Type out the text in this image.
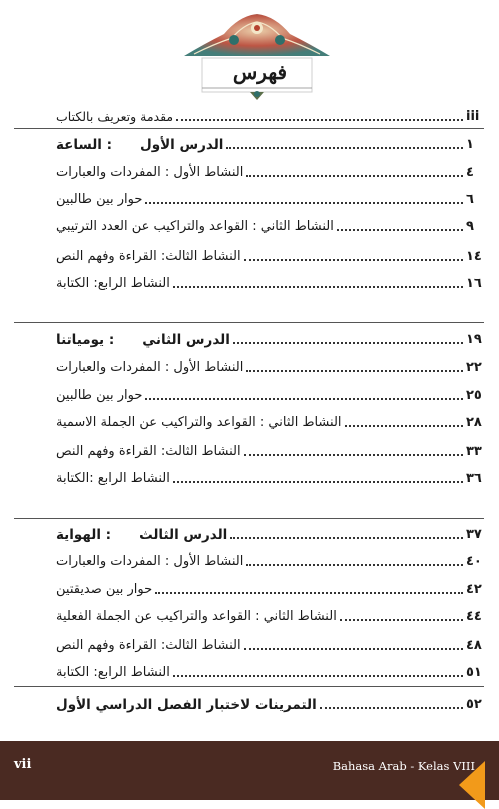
فهرس
مقدمة وتعريف بالكتاب	iii
الدرس الأول: الساعة	١
النشاط الأول : المفردات والعبارات	٤
حوار بين طالبين	٦
النشاط الثاني : القواعد والتراكيب عن العدد الترتيبي	٩
النشاط الثالث: القراءة وفهم النص	١٤
النشاط الرابع: الكتابة	١٦
الدرس الثاني: يومياتنا	١٩
النشاط الأول : المفردات والعبارات	٢٢
حوار بين طالبين	٢٥
النشاط الثاني : القواعد والتراكيب عن الجملة الاسمية	٢٨
النشاط الثالث: القراءة وفهم النص	٣٣
النشاط الرابع :الكتابة	٣٦
الدرس الثالث: الهواية	٣٧
النشاط الأول : المفردات والعبارات	٤٠
حوار بين صديقتين	٤٢
النشاط الثاني : القواعد والتراكيب عن الجملة الفعلية	٤٤
النشاط الثالث: القراءة وفهم النص	٤٨
النشاط الرابع: الكتابة	٥١
التمرينات لاختبار الفصل الدراسي الأول	٥٢
vii	Bahasa Arab - Kelas VIII
